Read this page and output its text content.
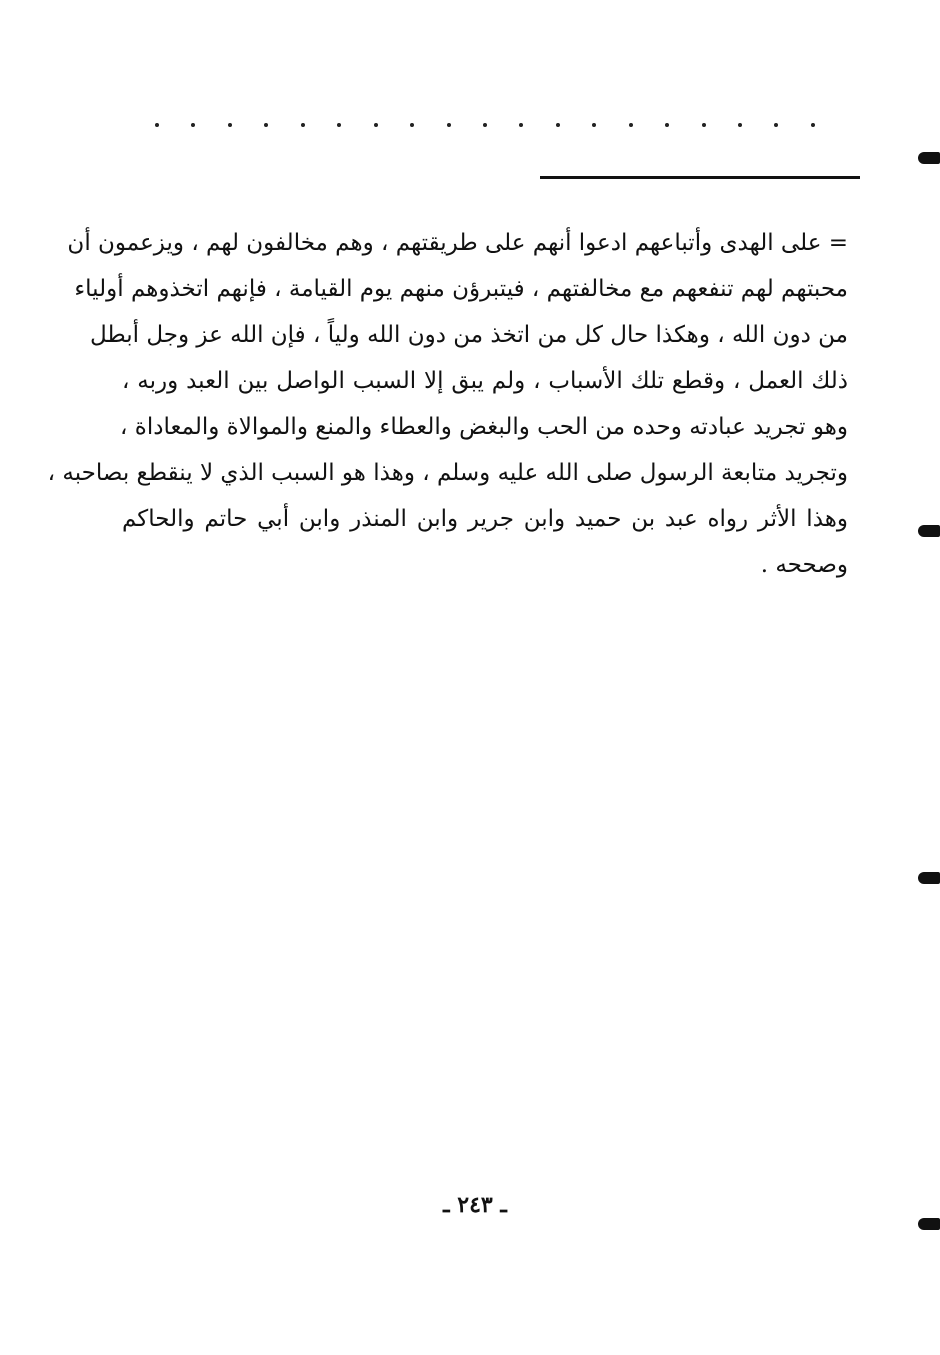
= على الهدى وأتباعهم ادعوا أنهم على طريقتهم ، وهم مخالفون لهم ، ويزعمون أن
محبتهم لهم تنفعهم مع مخالفتهم ، فيتبرؤن منهم يوم القيامة ، فإنهم اتخذوهم أولياء
من دون الله ، وهكذا حال كل من اتخذ من دون الله ولياً ، فإن الله عز وجل أبطل
ذلك العمل ، وقطع تلك الأسباب ، ولم يبق إلا السبب الواصل بين العبد وربه ،
وهو تجريد عبادته وحده من الحب والبغض والعطاء والمنع والموالاة والمعاداة ،
وتجريد متابعة الرسول صلى الله عليه وسلم ، وهذا هو السبب الذي لا ينقطع بصاحبه ،
وهذا الأثر رواه عبد بن حميد وابن جرير وابن المنذر وابن أبي حاتم والحاكم
وصححه .
ـ ٢٤٣ ـ
